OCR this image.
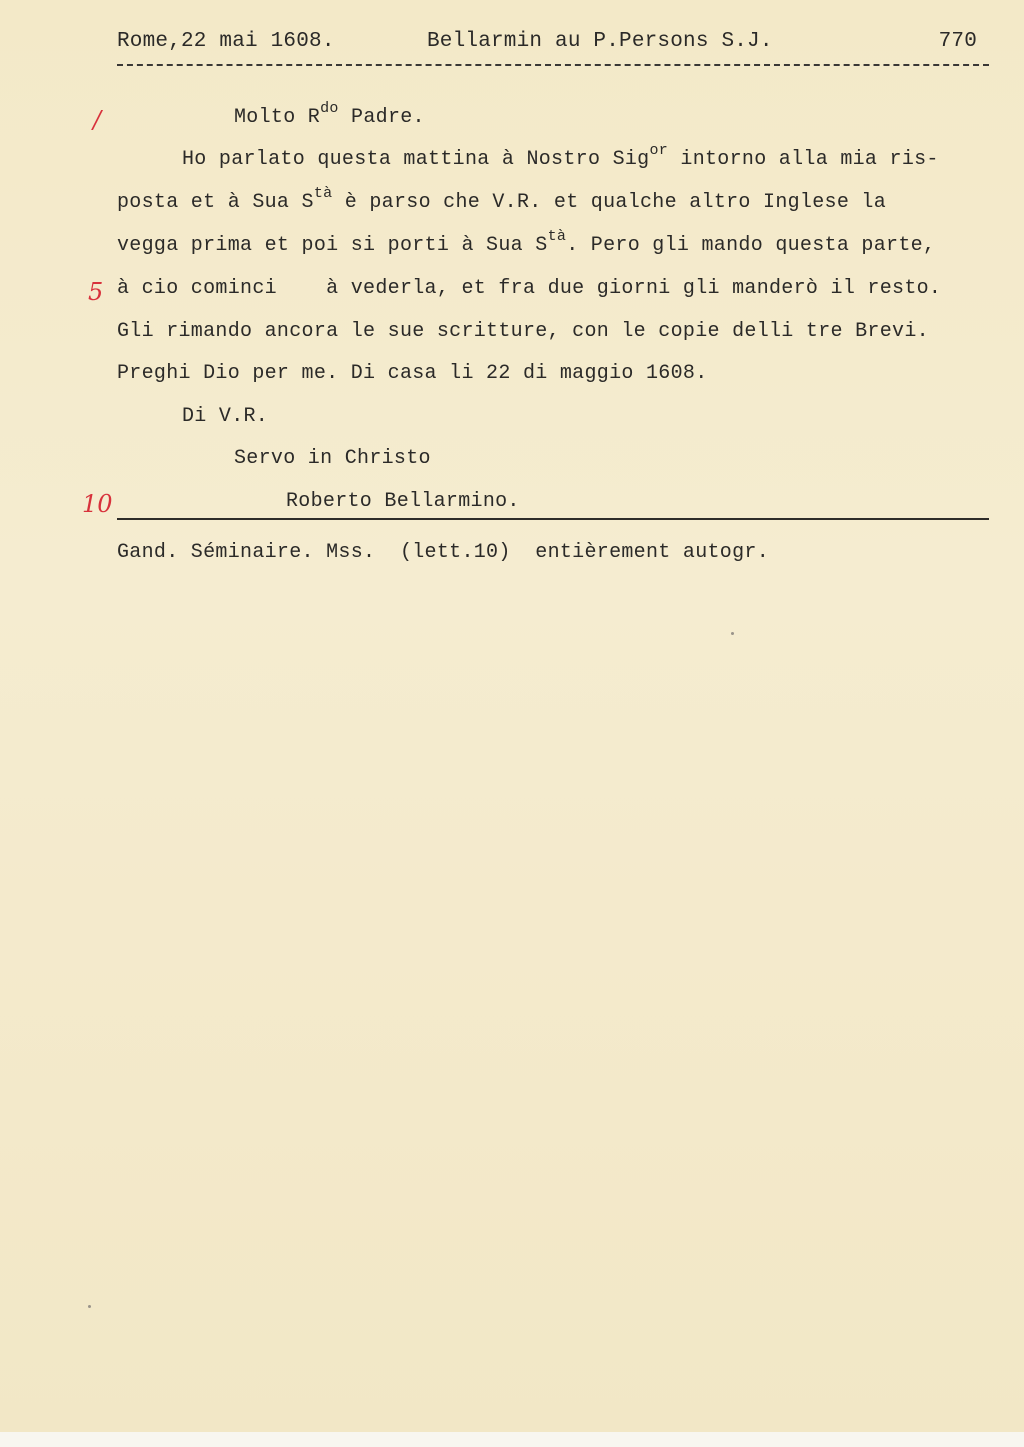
Rome,22 mai 1608.	Bellarmin au P.Persons S.J.	770
/
5
10
Molto $R^{do}$ Padre.
Ho parlato questa mattina à Nostro Sig$^{or}$ intorno alla mia ris-
posta et à Sua $S^{tà}$ è parso che V.R. et qualche altro Inglese la
vegga prima et poi si porti à Sua $S^{tà}$. Pero gli mando questa parte,
à cio cominci    à vederla, et fra due giorni gli manderò il resto.
Gli rimando ancora le sue scritture, con le copie delli tre Brevi.
Preghi Dio per me. Di casa li 22 di maggio 1608.
Di V.R.
Servo in Christo
Roberto Bellarmino.
Gand. Séminaire. Mss.  (lett.10)  entièrement autogr.
